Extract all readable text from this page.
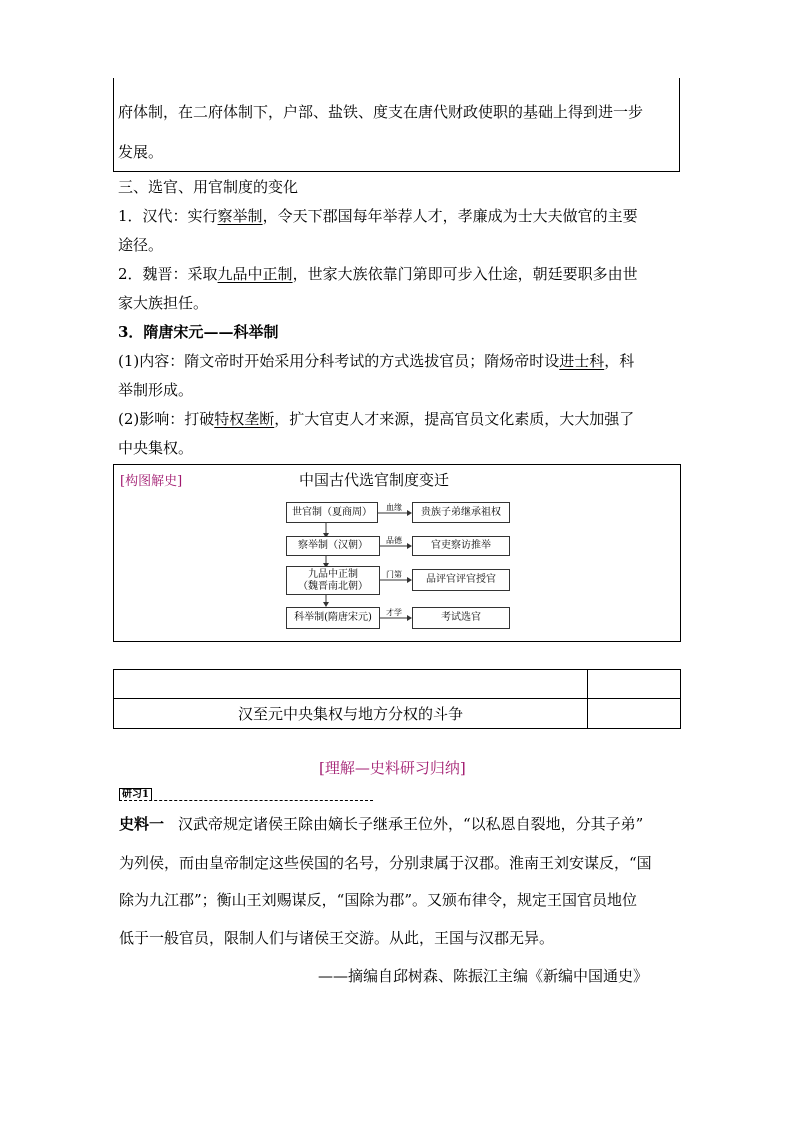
府体制，在二府体制下，户部、盐铁、度支在唐代财政使职的基础上得到进一步
发展。
三、选官、用官制度的变化
1．汉代：实行察举制，令天下郡国每年举荐人才，孝廉成为士大夫做官的主要
途径。
2．魏晋：采取九品中正制，世家大族依靠门第即可步入仕途，朝廷要职多由世
家大族担任。
3．隋唐宋元——科举制
(1)内容：隋文帝时开始采用分科考试的方式选拔官员；隋炀帝时设进士科，科
举制形成。
(2)影响：打破特权垄断，扩大官吏人才来源，提高官员文化素质，大大加强了
中央集权。
[构图解史]	中国古代选官制度变迁
世官制（夏商周）
察举制（汉朝）
九品中正制
（魏晋南北朝）
科举制(隋唐宋元)
血缘
品德
门第
才学
贵族子弟继承祖权
官吏察访推举
品评官评官授官
考试选官
汉至元中央集权与地方分权的斗争
[理解—史料研习归纳]
研习1
史料一 汉武帝规定诸侯王除由嫡长子继承王位外，“以私恩自裂地，分其子弟”
为列侯，而由皇帝制定这些侯国的名号，分别隶属于汉郡。淮南王刘安谋反，“国
除为九江郡”；衡山王刘赐谋反，“国除为郡”。又颁布律令，规定王国官员地位
低于一般官员，限制人们与诸侯王交游。从此，王国与汉郡无异。
——摘编自邱树森、陈振江主编《新编中国通史》
